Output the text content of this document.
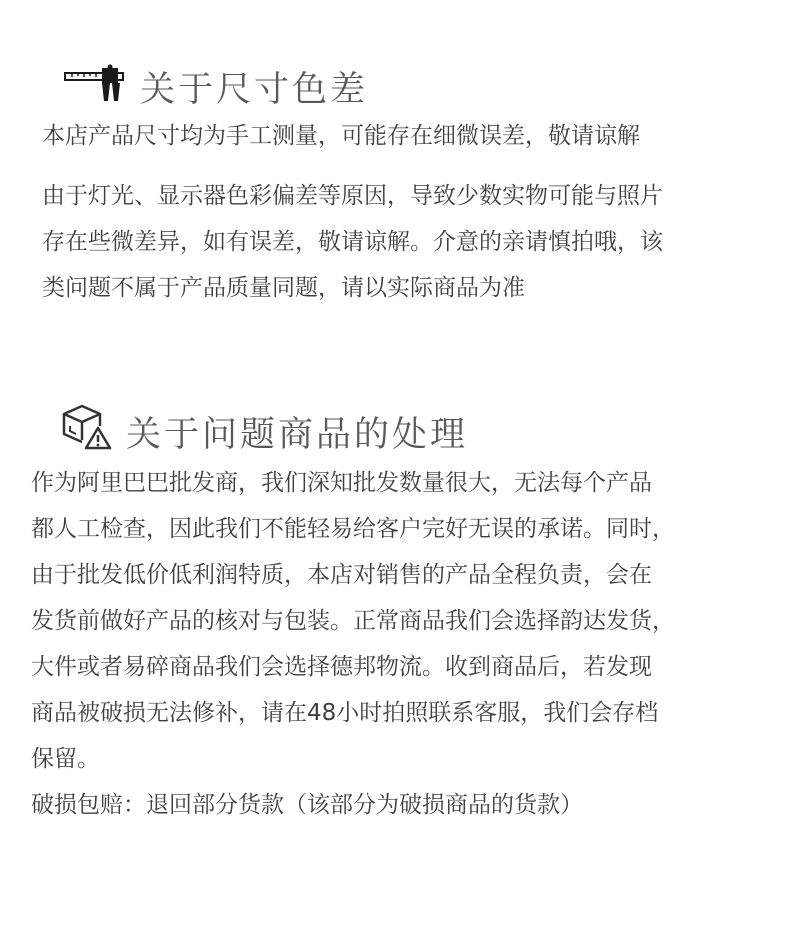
关于尺寸色差

本店产品尺寸均为手工测量，可能存在细微误差，敬请谅解

由于灯光、显示器色彩偏差等原因，导致少数实物可能与照片
存在些微差异，如有误差，敬请谅解。介意的亲请慎拍哦，该
类问题不属于产品质量同题，请以实际商品为准

关于问题商品的处理

作为阿里巴巴批发商，我们深知批发数量很大，无法每个产品
都人工检查，因此我们不能轻易给客户完好无误的承诺。同时，
由于批发低价低利润特质，本店对销售的产品全程负责，会在
发货前做好产品的核对与包装。正常商品我们会选择韵达发货，
大件或者易碎商品我们会选择德邦物流。收到商品后，若发现
商品被破损无法修补，请在48小时拍照联系客服，我们会存档
保留。
破损包赔：退回部分货款（该部分为破损商品的货款）
